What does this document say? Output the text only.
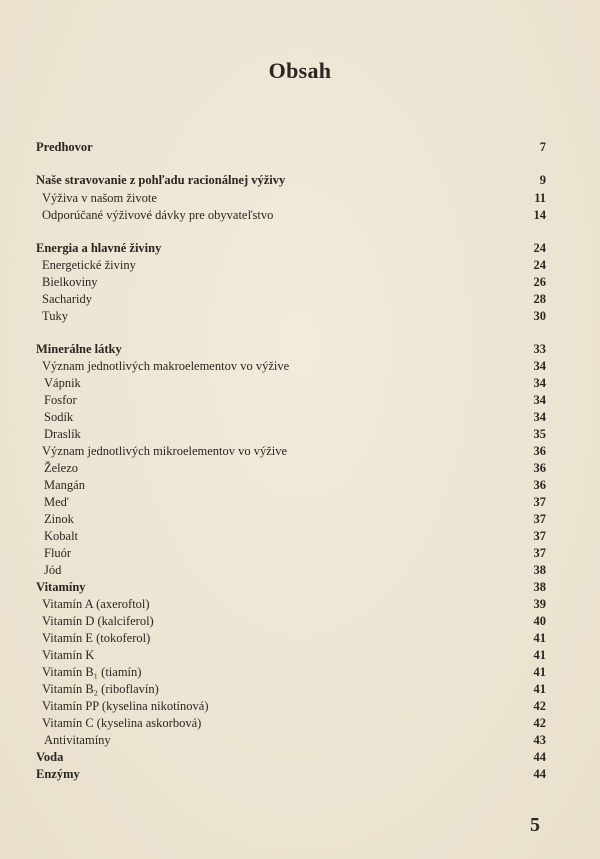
Obsah
Predhovor	7
Naše stravovanie z pohľadu racionálnej výživy	9
Výživa v našom živote	11
Odporúčané výživové dávky pre obyvateľstvo	14
Energia a hlavné živiny	24
Energetické živiny	24
Bielkoviny	26
Sacharidy	28
Tuky	30
Minerálne látky	33
Význam jednotlivých makroelementov vo výžive	34
Vápnik	34
Fosfor	34
Sodík	34
Draslík	35
Význam jednotlivých mikroelementov vo výžive	36
Železo	36
Mangán	36
Meď	37
Zinok	37
Kobalt	37
Fluór	37
Jód	38
Vitamíny	38
Vitamín A (axeroftol)	39
Vitamín D (kalciferol)	40
Vitamín E (tokoferol)	41
Vitamín K	41
Vitamín B₁ (tiamín)	41
Vitamín B₂ (riboflavín)	41
Vitamín PP (kyselina nikotínová)	42
Vitamín C (kyselina askorbová)	42
Antivitamíny	43
Voda	44
Enzýmy	44
5
